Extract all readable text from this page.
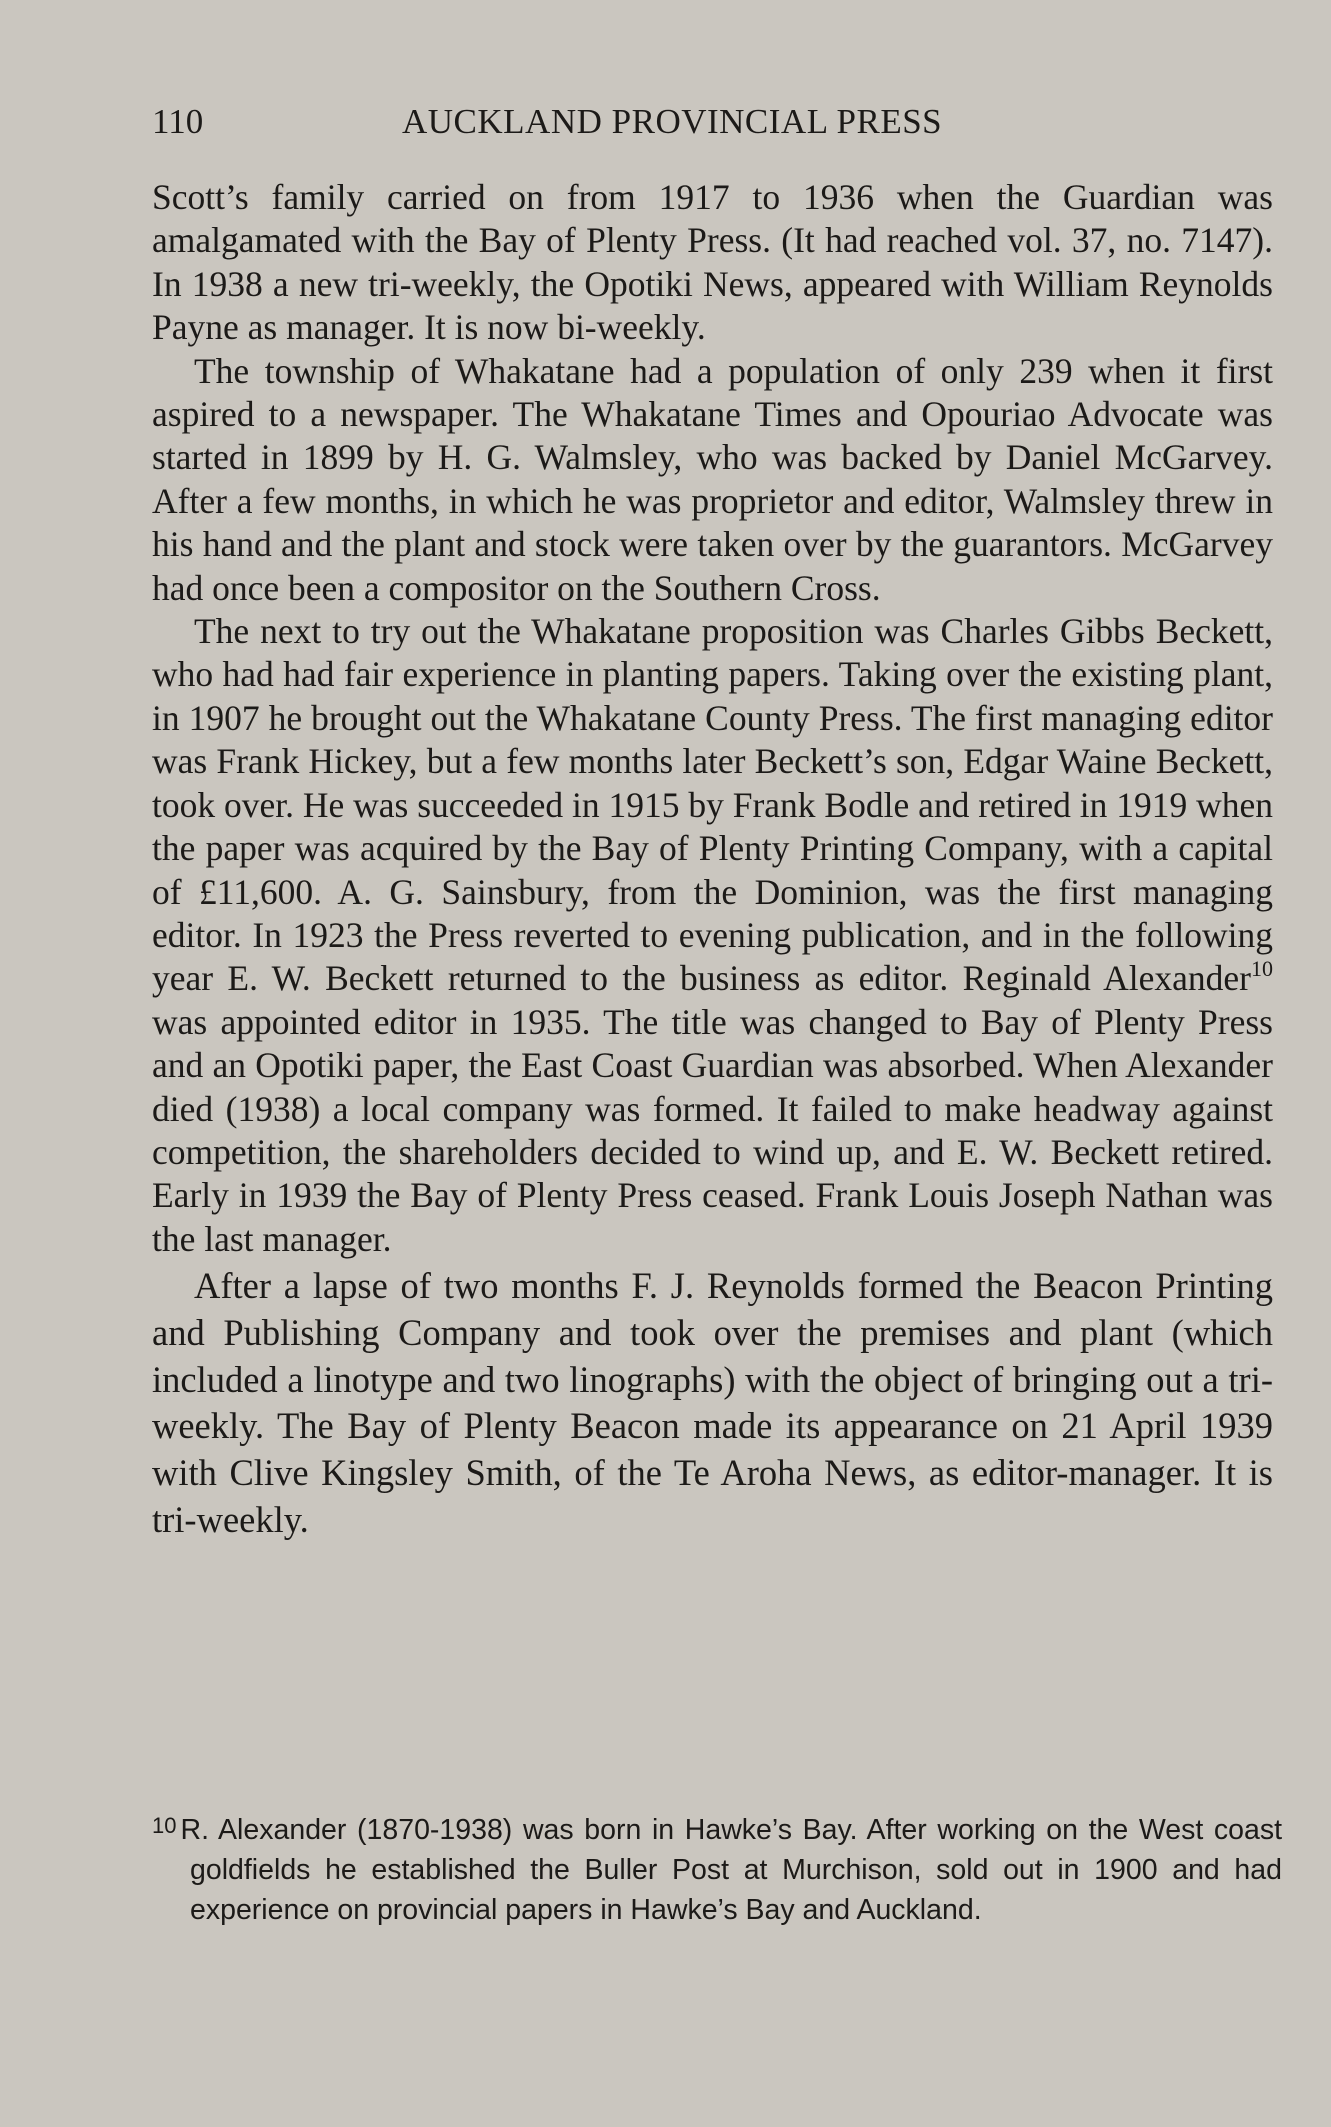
110	AUCKLAND PROVINCIAL PRESS

Scott’s family carried on from 1917 to 1936 when the Guardian was amalgamated with the Bay of Plenty Press. (It had reached vol. 37, no. 7147). In 1938 a new tri-weekly, the Opotiki News, appeared with William Reynolds Payne as manager. It is now bi-weekly.

The township of Whakatane had a population of only 239 when it first aspired to a newspaper. The Whakatane Times and Opouriao Advocate was started in 1899 by H. G. Walmsley, who was backed by Daniel McGarvey. After a few months, in which he was proprietor and editor, Walmsley threw in his hand and the plant and stock were taken over by the guarantors. McGarvey had once been a compositor on the Southern Cross.

The next to try out the Whakatane proposition was Charles Gibbs Beckett, who had had fair experience in planting papers. Taking over the existing plant, in 1907 he brought out the Whakatane County Press. The first managing editor was Frank Hickey, but a few months later Beckett’s son, Edgar Waine Beckett, took over. He was succeeded in 1915 by Frank Bodle and retired in 1919 when the paper was acquired by the Bay of Plenty Printing Company, with a capital of £11,600. A. G. Sainsbury, from the Dominion, was the first managing editor. In 1923 the Press reverted to evening publication, and in the following year E. W. Beckett returned to the business as editor. Reginald Alexander$^{10}$ was appointed editor in 1935. The title was changed to Bay of Plenty Press and an Opotiki paper, the East Coast Guardian was absorbed. When Alexander died (1938) a local company was formed. It failed to make headway against competition, the shareholders decided to wind up, and E. W. Beckett retired. Early in 1939 the Bay of Plenty Press ceased. Frank Louis Joseph Nathan was the last manager.

After a lapse of two months F. J. Reynolds formed the Beacon Printing and Publishing Company and took over the premises and plant (which included a linotype and two linographs) with the object of bringing out a tri-weekly. The Bay of Plenty Beacon made its appearance on 21 April 1939 with Clive Kingsley Smith, of the Te Aroha News, as editor-manager. It is tri-weekly.

$^{10}$ R. Alexander (1870-1938) was born in Hawke’s Bay. After working on the West coast goldfields he established the Buller Post at Murchison, sold out in 1900 and had experience on provincial papers in Hawke’s Bay and Auckland.
